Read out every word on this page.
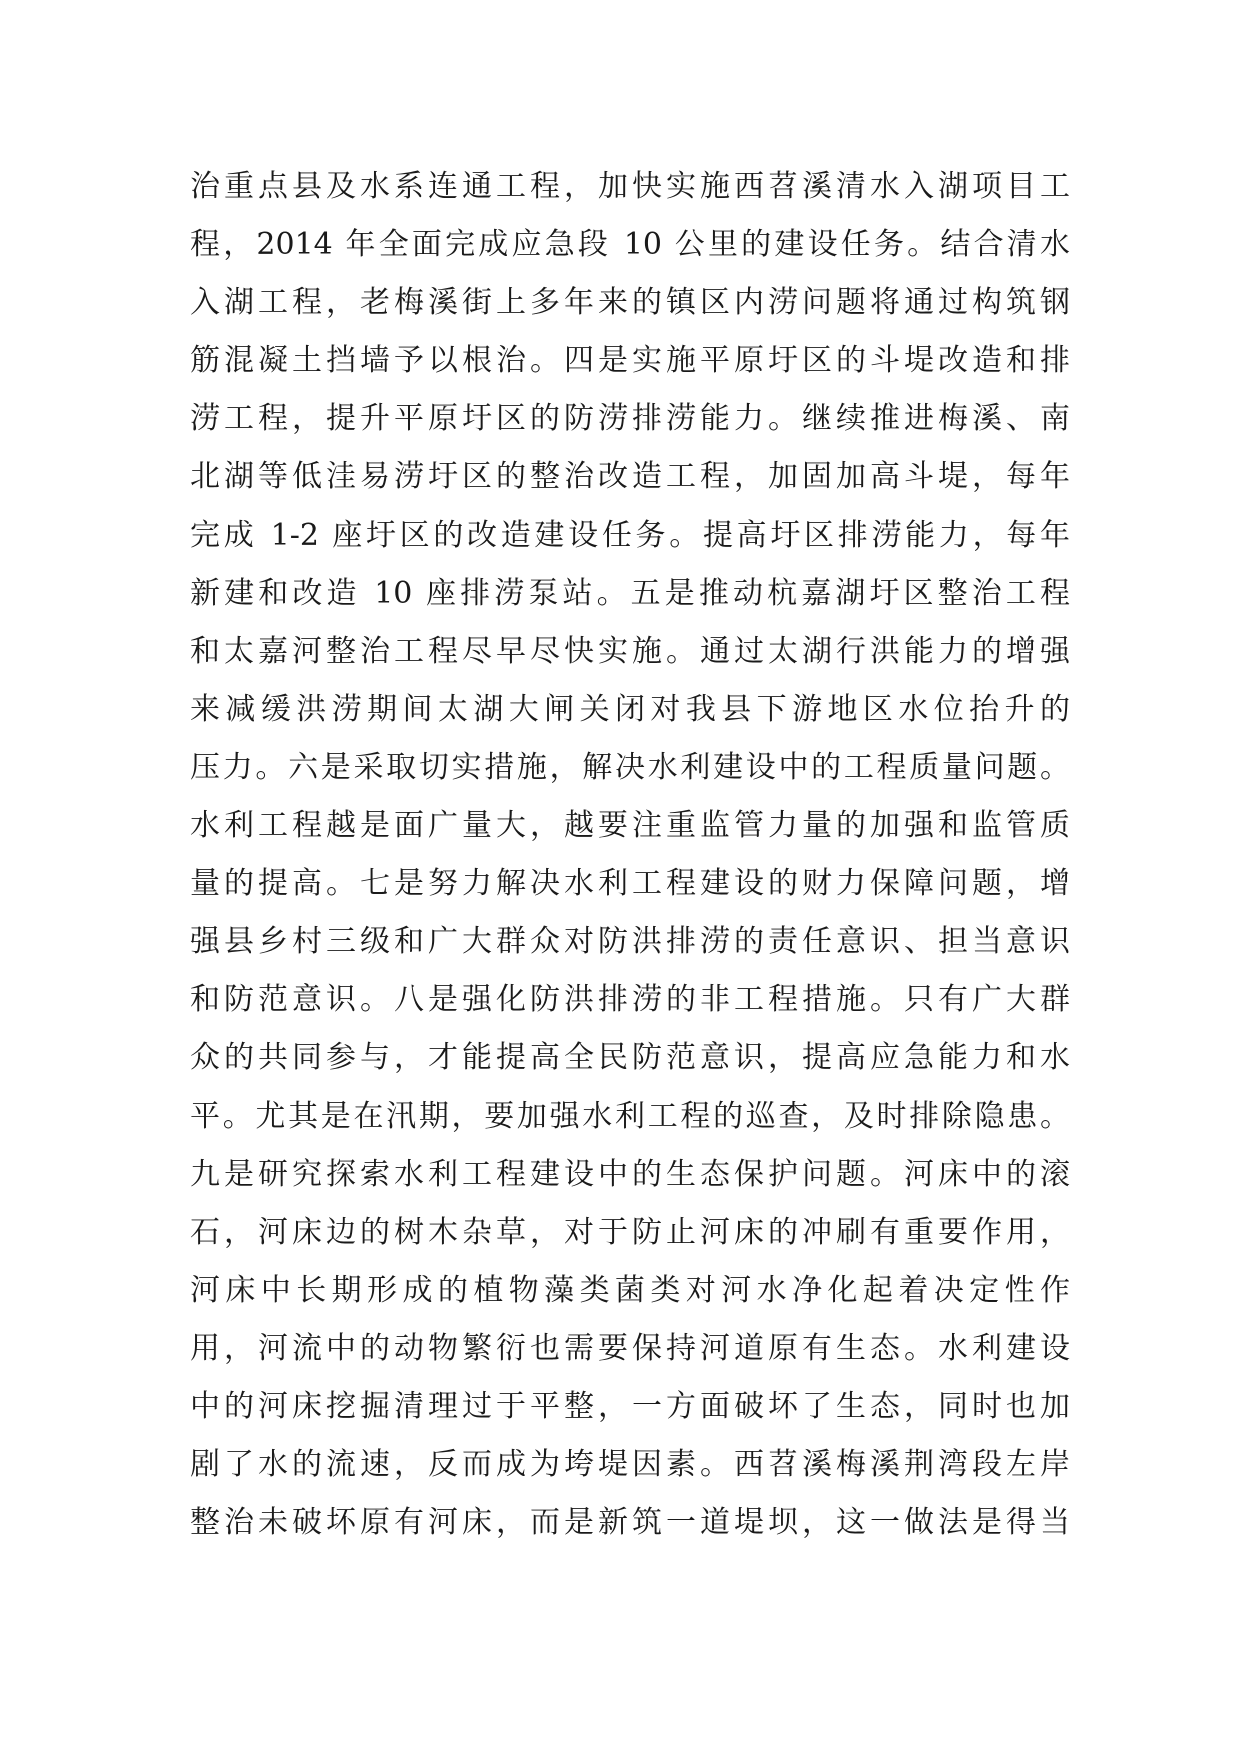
治重点县及水系连通工程，加快实施西苕溪清水入湖项目工
程，2014 年全面完成应急段 10 公里的建设任务。结合清水
入湖工程，老梅溪街上多年来的镇区内涝问题将通过构筑钢
筋混凝土挡墙予以根治。四是实施平原圩区的斗堤改造和排
涝工程，提升平原圩区的防涝排涝能力。继续推进梅溪、南
北湖等低洼易涝圩区的整治改造工程，加固加高斗堤，每年
完成 1-2 座圩区的改造建设任务。提高圩区排涝能力，每年
新建和改造 10 座排涝泵站。五是推动杭嘉湖圩区整治工程
和太嘉河整治工程尽早尽快实施。通过太湖行洪能力的增强
来减缓洪涝期间太湖大闸关闭对我县下游地区水位抬升的
压力。六是采取切实措施，解决水利建设中的工程质量问题。
水利工程越是面广量大，越要注重监管力量的加强和监管质
量的提高。七是努力解决水利工程建设的财力保障问题，增
强县乡村三级和广大群众对防洪排涝的责任意识、担当意识
和防范意识。八是强化防洪排涝的非工程措施。只有广大群
众的共同参与，才能提高全民防范意识，提高应急能力和水
平。尤其是在汛期，要加强水利工程的巡查，及时排除隐患。
九是研究探索水利工程建设中的生态保护问题。河床中的滚
石，河床边的树木杂草，对于防止河床的冲刷有重要作用，
河床中长期形成的植物藻类菌类对河水净化起着决定性作
用，河流中的动物繁衍也需要保持河道原有生态。水利建设
中的河床挖掘清理过于平整，一方面破坏了生态，同时也加
剧了水的流速，反而成为垮堤因素。西苕溪梅溪荆湾段左岸
整治未破坏原有河床，而是新筑一道堤坝，这一做法是得当
